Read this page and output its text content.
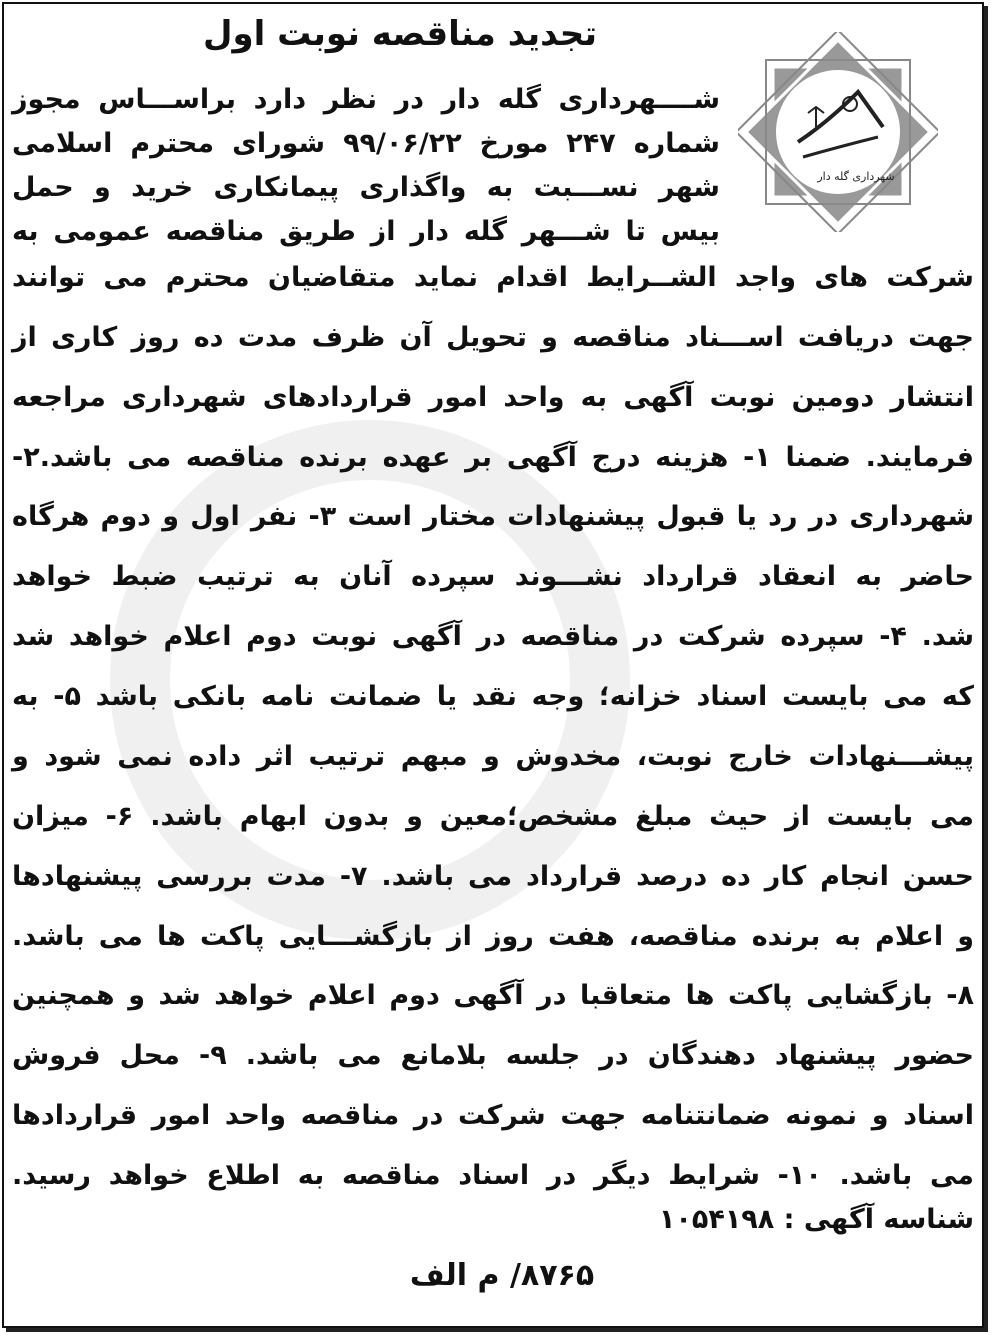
شهرداری گله دار
تجدید مناقصه نوبت اول
شــــهرداری گله دار در نظر دارد براســـاس مجوز
شماره ۲۴۷ مورخ ۹۹/۰۶/۲۲ شورای محترم اسلامی
شهر نســـبت به واگذاری پیمانکاری خرید و حمل
بیس تا شـــهر گله دار از طریق مناقصه عمومی به
شرکت های واجد الشــرایط اقدام نماید متقاضیان محترم می توانند
جهت دریافت اســـناد مناقصه و تحویل آن ظرف مدت ده روز کاری از
انتشار دومین نوبت آگهی به واحد امور قراردادهای شهرداری مراجعه
فرمایند. ضمنا ۱- هزینه درج آگهی بر عهده برنده مناقصه می باشد.۲-
شهرداری در رد یا قبول پیشنهادات مختار است ۳- نفر اول و دوم هرگاه
حاضر به انعقاد قرارداد نشـــوند سپرده آنان به ترتیب ضبط خواهد
شد. ۴- سپرده شرکت در مناقصه در آگهی نوبت دوم اعلام خواهد شد
که می بایست اسناد خزانه؛ وجه نقد یا ضمانت نامه بانکی باشد ۵- به
پیشـــنهادات خارج نوبت، مخدوش و مبهم ترتیب اثر داده نمی شود و
می بایست از حیث مبلغ مشخص؛معین و بدون ابهام باشد. ۶- میزان
حسن انجام کار ده درصد قرارداد می باشد. ۷- مدت بررسی پیشنهادها
و اعلام به برنده مناقصه، هفت روز از بازگشـــایی پاکت ها می باشد.
۸- بازگشایی پاکت ها متعاقبا در آگهی دوم اعلام خواهد شد و همچنین
حضور پیشنهاد دهندگان در جلسه بلامانع می باشد. ۹- محل فروش
اسناد و نمونه ضمانتنامه جهت شرکت در مناقصه واحد امور قراردادها
می باشد. ۱۰- شرایط دیگر در اسناد مناقصه به اطلاع خواهد رسید.
شناسه آگهی : ۱۰۵۴۱۹۸
۸۷۶۵/ م الف
